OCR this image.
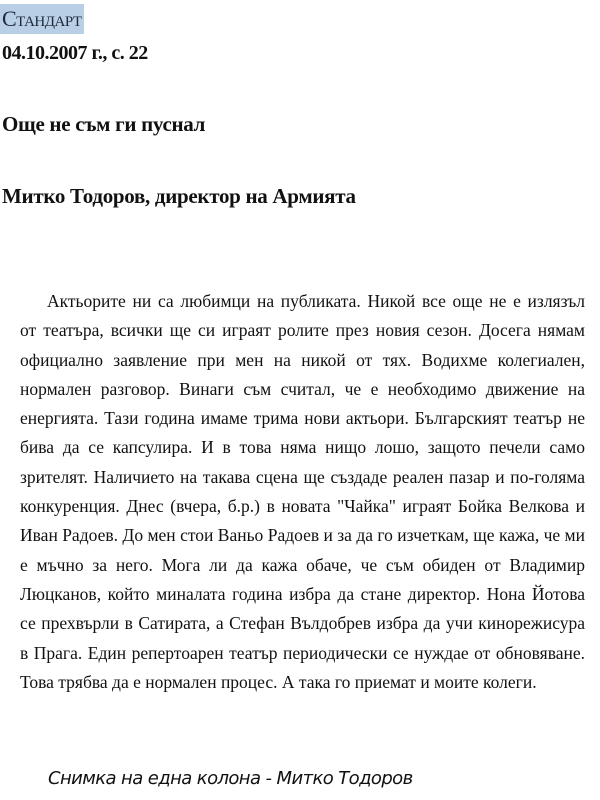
Стандарт
04.10.2007 г., с. 22
Още не съм ги пуснал
Митко Тодоров, директор на Армията
Актьорите ни са любимци на публиката. Никой все още не е излязъл
от театъра, всички ще си играят ролите през новия сезон. Досега нямам
официално заявление при мен на никой от тях. Водихме колегиален,
нормален разговор. Винаги съм считал, че е необходимо движение на
енергията. Тази година имаме трима нови актьори. Българският театър не
бива да се капсулира. И в това няма нищо лошо, защото печели само
зрителят. Наличието на такава сцена ще създаде реален пазар и по-голяма
конкуренция. Днес (вчера, б.р.) в новата "Чайка" играят Бойка Велкова и
Иван Радоев. До мен стои Ваньо Радоев и за да го изчеткам, ще кажа, че ми
е мъчно за него. Мога ли да кажа обаче, че съм обиден от Владимир
Люцканов, който миналата година избра да стане директор. Нона Йотова
се прехвърли в Сатирата, а Стефан Вълдобрев избра да учи кинорежисура
в Прага. Един репертоарен театър периодически се нуждае от обновяване.
Това трябва да е нормален процес. А така го приемат и моите колеги.
Снимка на една колона - Митко Тодоров
